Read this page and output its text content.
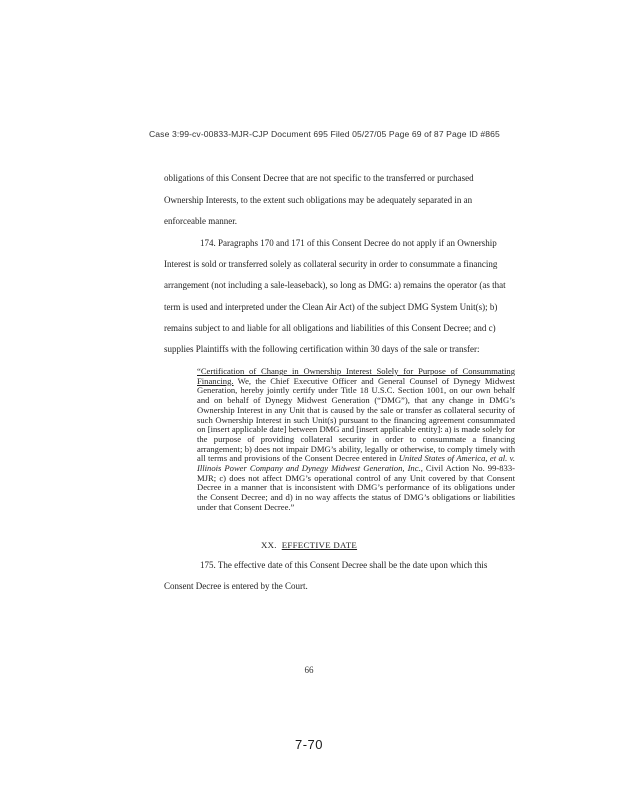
Case 3:99-cv-00833-MJR-CJP Document 695 Filed 05/27/05 Page 69 of 87 Page ID #865
obligations of this Consent Decree that are not specific to the transferred or purchased
Ownership Interests, to the extent such obligations may be adequately separated in an
enforceable manner.
174. Paragraphs 170 and 171 of this Consent Decree do not apply if an Ownership
Interest is sold or transferred solely as collateral security in order to consummate a financing
arrangement (not including a sale-leaseback), so long as DMG: a) remains the operator (as that
term is used and interpreted under the Clean Air Act) of the subject DMG System Unit(s); b)
remains subject to and liable for all obligations and liabilities of this Consent Decree; and c)
supplies Plaintiffs with the following certification within 30 days of the sale or transfer:
“Certification of Change in Ownership Interest Solely for Purpose of Consummating Financing. We, the Chief Executive Officer and General Counsel of Dynegy Midwest Generation, hereby jointly certify under Title 18 U.S.C. Section 1001, on our own behalf and on behalf of Dynegy Midwest Generation (“DMG”), that any change in DMG’s Ownership Interest in any Unit that is caused by the sale or transfer as collateral security of such Ownership Interest in such Unit(s) pursuant to the financing agreement consummated on [insert applicable date] between DMG and [insert applicable entity]: a) is made solely for the purpose of providing collateral security in order to consummate a financing arrangement; b) does not impair DMG’s ability, legally or otherwise, to comply timely with all terms and provisions of the Consent Decree entered in United States of America, et al. v. Illinois Power Company and Dynegy Midwest Generation, Inc., Civil Action No. 99-833-MJR; c) does not affect DMG’s operational control of any Unit covered by that Consent Decree in a manner that is inconsistent with DMG’s performance of its obligations under the Consent Decree; and d) in no way affects the status of DMG’s obligations or liabilities under that Consent Decree.”
XX. EFFECTIVE DATE
175. The effective date of this Consent Decree shall be the date upon which this
Consent Decree is entered by the Court.
66
7-70
